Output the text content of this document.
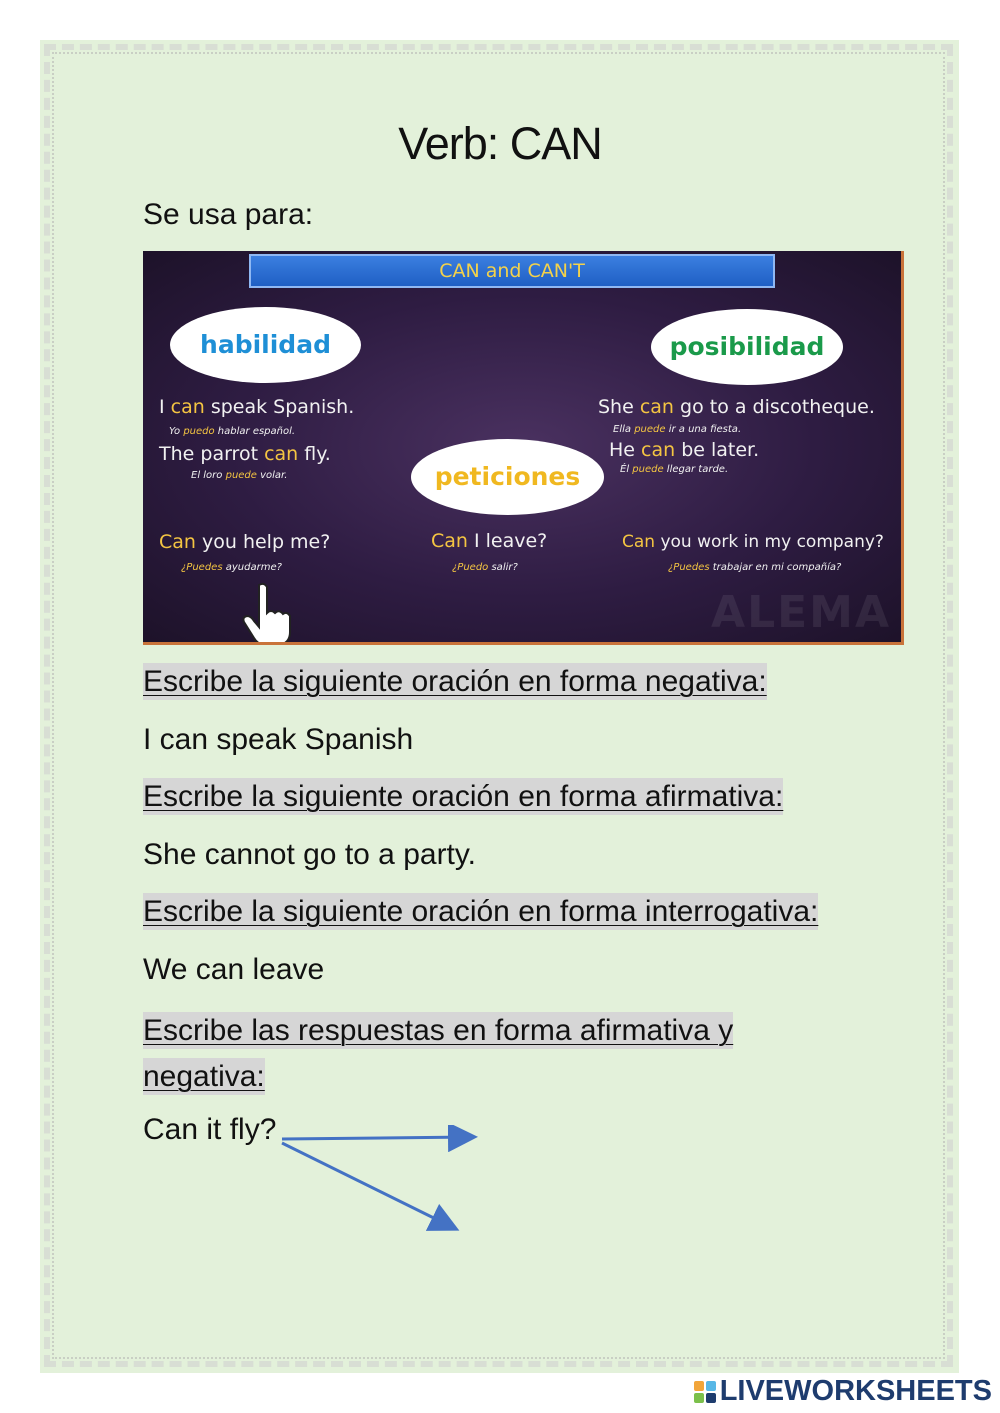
Verb: CAN
Se usa para:
CAN and CAN'T
habilidad	posibilidad
peticiones
I can speak Spanish.
Yo puedo hablar español.
The parrot can fly.
El loro puede volar.
Can you help me?
¿Puedes ayudarme?
She can go to a discotheque.
Ella puede ir a una fiesta.
He can be later.
Él puede llegar tarde.
Can I leave?
¿Puedo salir?
Can you work in my company?
¿Puedes trabajar en mi compañía?
ALEMA
Escribe la siguiente oración en forma negativa:
I can speak Spanish
Escribe la siguiente oración en forma afirmativa:
She cannot go to a party.
Escribe la siguiente oración en forma interrogativa:
We can leave
Escribe las respuestas en forma afirmativa y negativa:
Can it fly?
LIVEWORKSHEETS
